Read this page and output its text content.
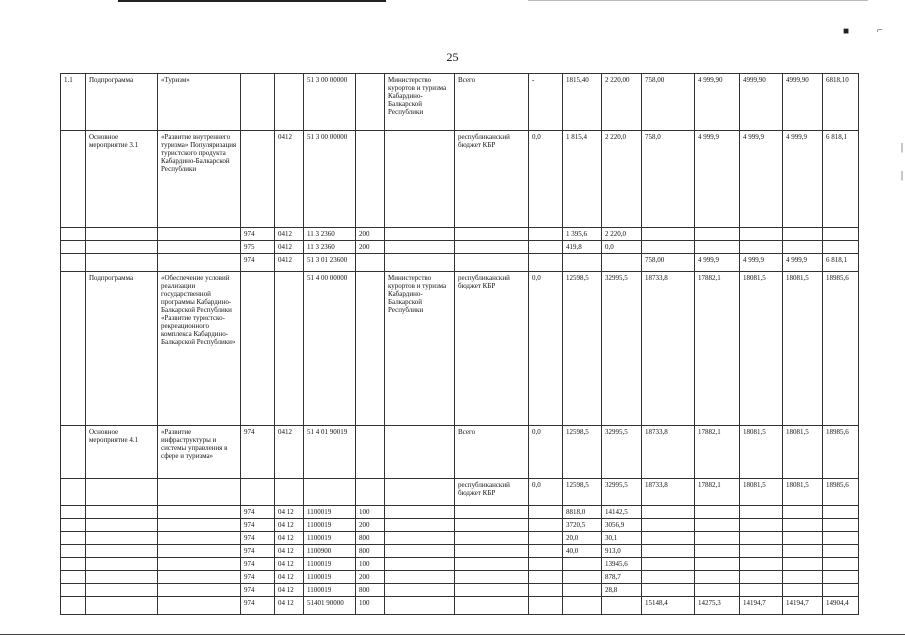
■	⌐
|
|
25
1.1	Подпрограмма	«Туризм»			51 3 00 00000		Министерство курортов и туризма Кабардино-Балкарской Республики	Всего	-	1815,40	2 220,00	758,00	4 999,90	4999,90	4999,90	6818,10
	Основное мероприятие 3.1	«Развитие внутреннего туризма» Популяризация туристского продукта Кабардино-Балкарской Республики		0412	51 3 00 00000			республиканский бюджет КБР	0,0	1 815,4	2 220,0	758,0	4 999,9	4 999,9	4 999,9	6 818,1
			974	0412	11 3 2360	200				1 395,6	2 220,0					
			975	0412	11 3 2360	200				419,8	0,0					
			974	0412	51 3 01 23600							758,00	4 999,9	4 999,9	4 999,9	6 818,1
	Подпрограмма	«Обеспечение условий реализации государственной программы Кабардино-Балкарской Республики «Развитие туристско-рекреационного комплекса Кабардино-Балкарской Республики»			51 4 00 00000		Министерство курортов и туризма Кабардино-Балкарской Республики	республиканский бюджет КБР	0,0	12598,5	32995,5	18733,8	17882,1	18081,5	18081,5	18985,6
	Основное мероприятие 4.1	«Развитие инфраструктуры и системы управления в сфере и туризма»	974	0412	51 4 01 90019			Всего	0,0	12598,5	32995,5	18733,8	17882,1	18081,5	18081,5	18985,6
								республиканский бюджет КБР	0,0	12598,5	32995,5	18733,8	17882,1	18081,5	18081,5	18985,6
			974	04 12	1100019	100				8818,0	14142,5					
			974	04 12	1100019	200				3720,5	3056,9					
			974	04 12	1100019	800				20,0	30,1					
			974	04 12	1100900	800				40,0	913,0					
			974	04 12	1100019	100					13945,6					
			974	04 12	1100019	200					878,7					
			974	04 12	1100019	800					28,8					
			974	04 12	51401 90000	100						15148,4	14275,3	14194,7	14194,7	14904,4
